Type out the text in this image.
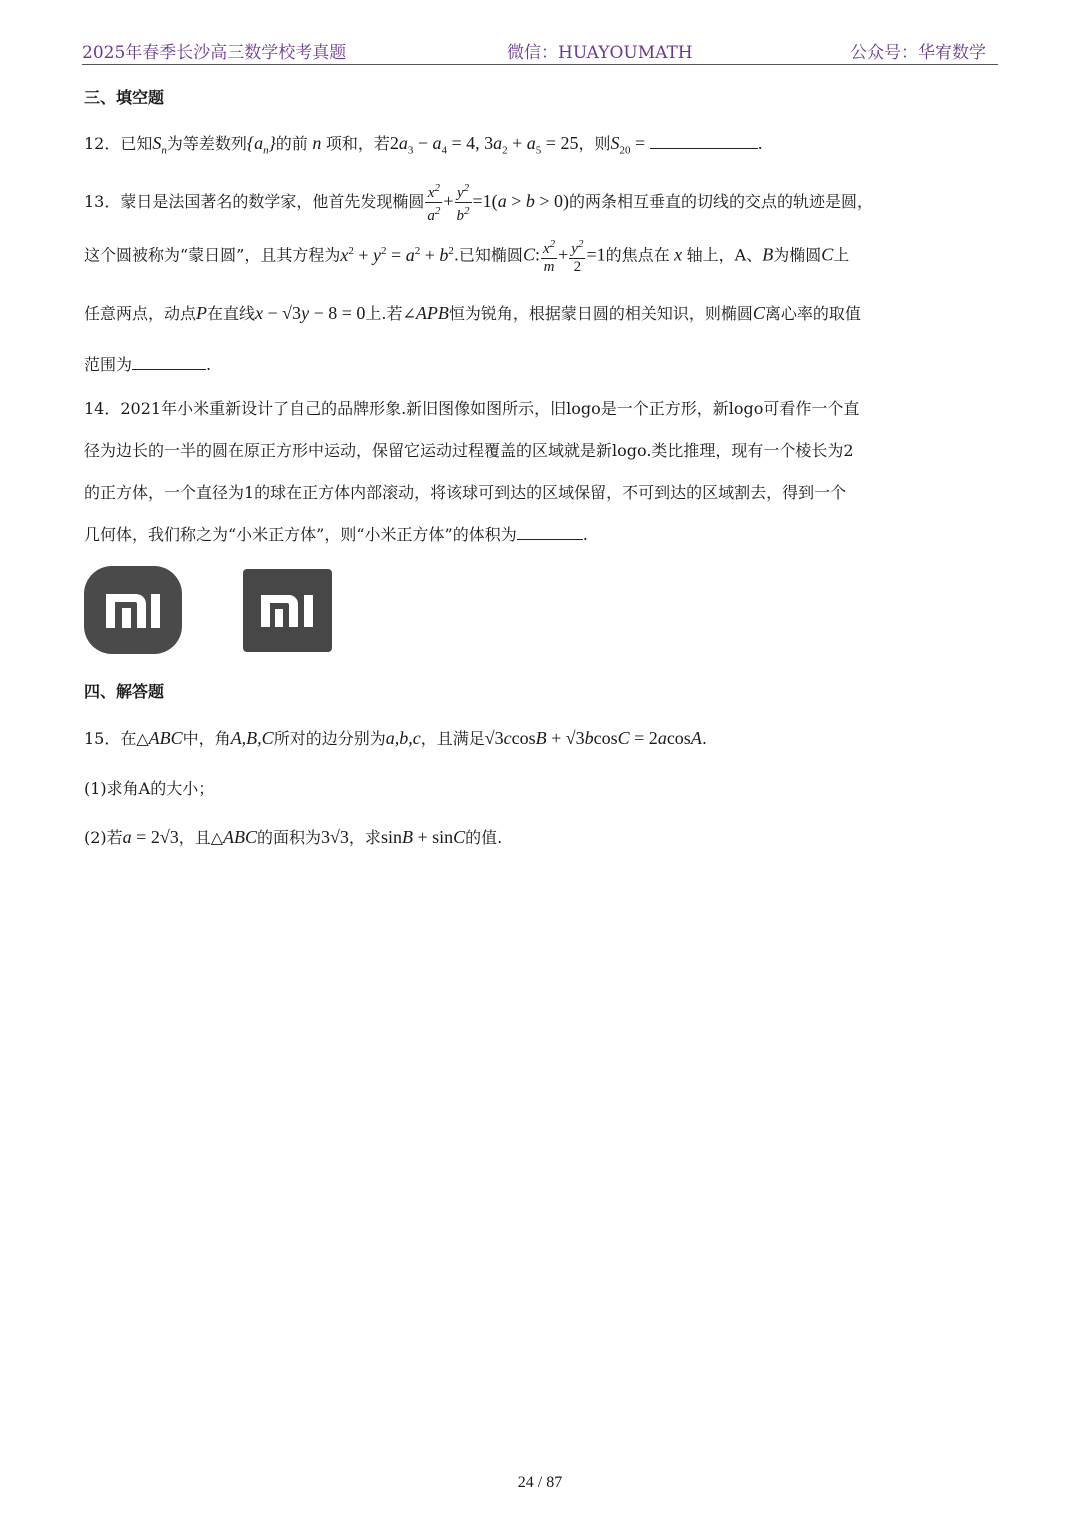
2025年春季长沙高三数学校考真题	微信：HUAYOUMATH	公众号：华宥数学
三、填空题
12．已知$S_n$为等差数列$\{a_n\}$的前 n 项和，若$2a_3 - a_4 = 4$, $3a_2 + a_5 = 25$，则$S_{20}$ =	.
13．蒙日是法国著名的数学家，他首先发现椭圆 $\frac{x^2}{a^2} + \frac{y^2}{b^2} =1(a > b > 0)$的两条相互垂直的切线的交点的轨迹是圆，
这个圆被称为“蒙日圆”，且其方程为$x^2 + y^2 = a^2 + b^2$.已知椭圆C: $\frac{x^2}{m} + \frac{y^2}{2} =1$的焦点在 x 轴上，A、B为椭圆C上
任意两点，动点P在直线x − √3y − 8 = 0上.若∠APB恒为锐角，根据蒙日圆的相关知识，则椭圆C离心率的取值
范围为	.
14．2021年小米重新设计了自己的品牌形象.新旧图像如图所示，旧logo是一个正方形，新logo可看作一个直
径为边长的一半的圆在原正方形中运动，保留它运动过程覆盖的区域就是新logo.类比推理，现有一个棱长为2
的正方体，一个直径为1的球在正方体内部滚动，将该球可到达的区域保留，不可到达的区域割去，得到一个
几何体，我们称之为“小米正方体”，则“小米正方体”的体积为	.
四、解答题
15．在△ABC中，角A,B,C所对的边分别为a,b,c，且满足√3ccosB + √3bcosC = 2acosA.
(1)求角A的大小；
(2)若a = 2√3，且△ABC的面积为3√3，求sinB + sinC的值.
24 / 87
